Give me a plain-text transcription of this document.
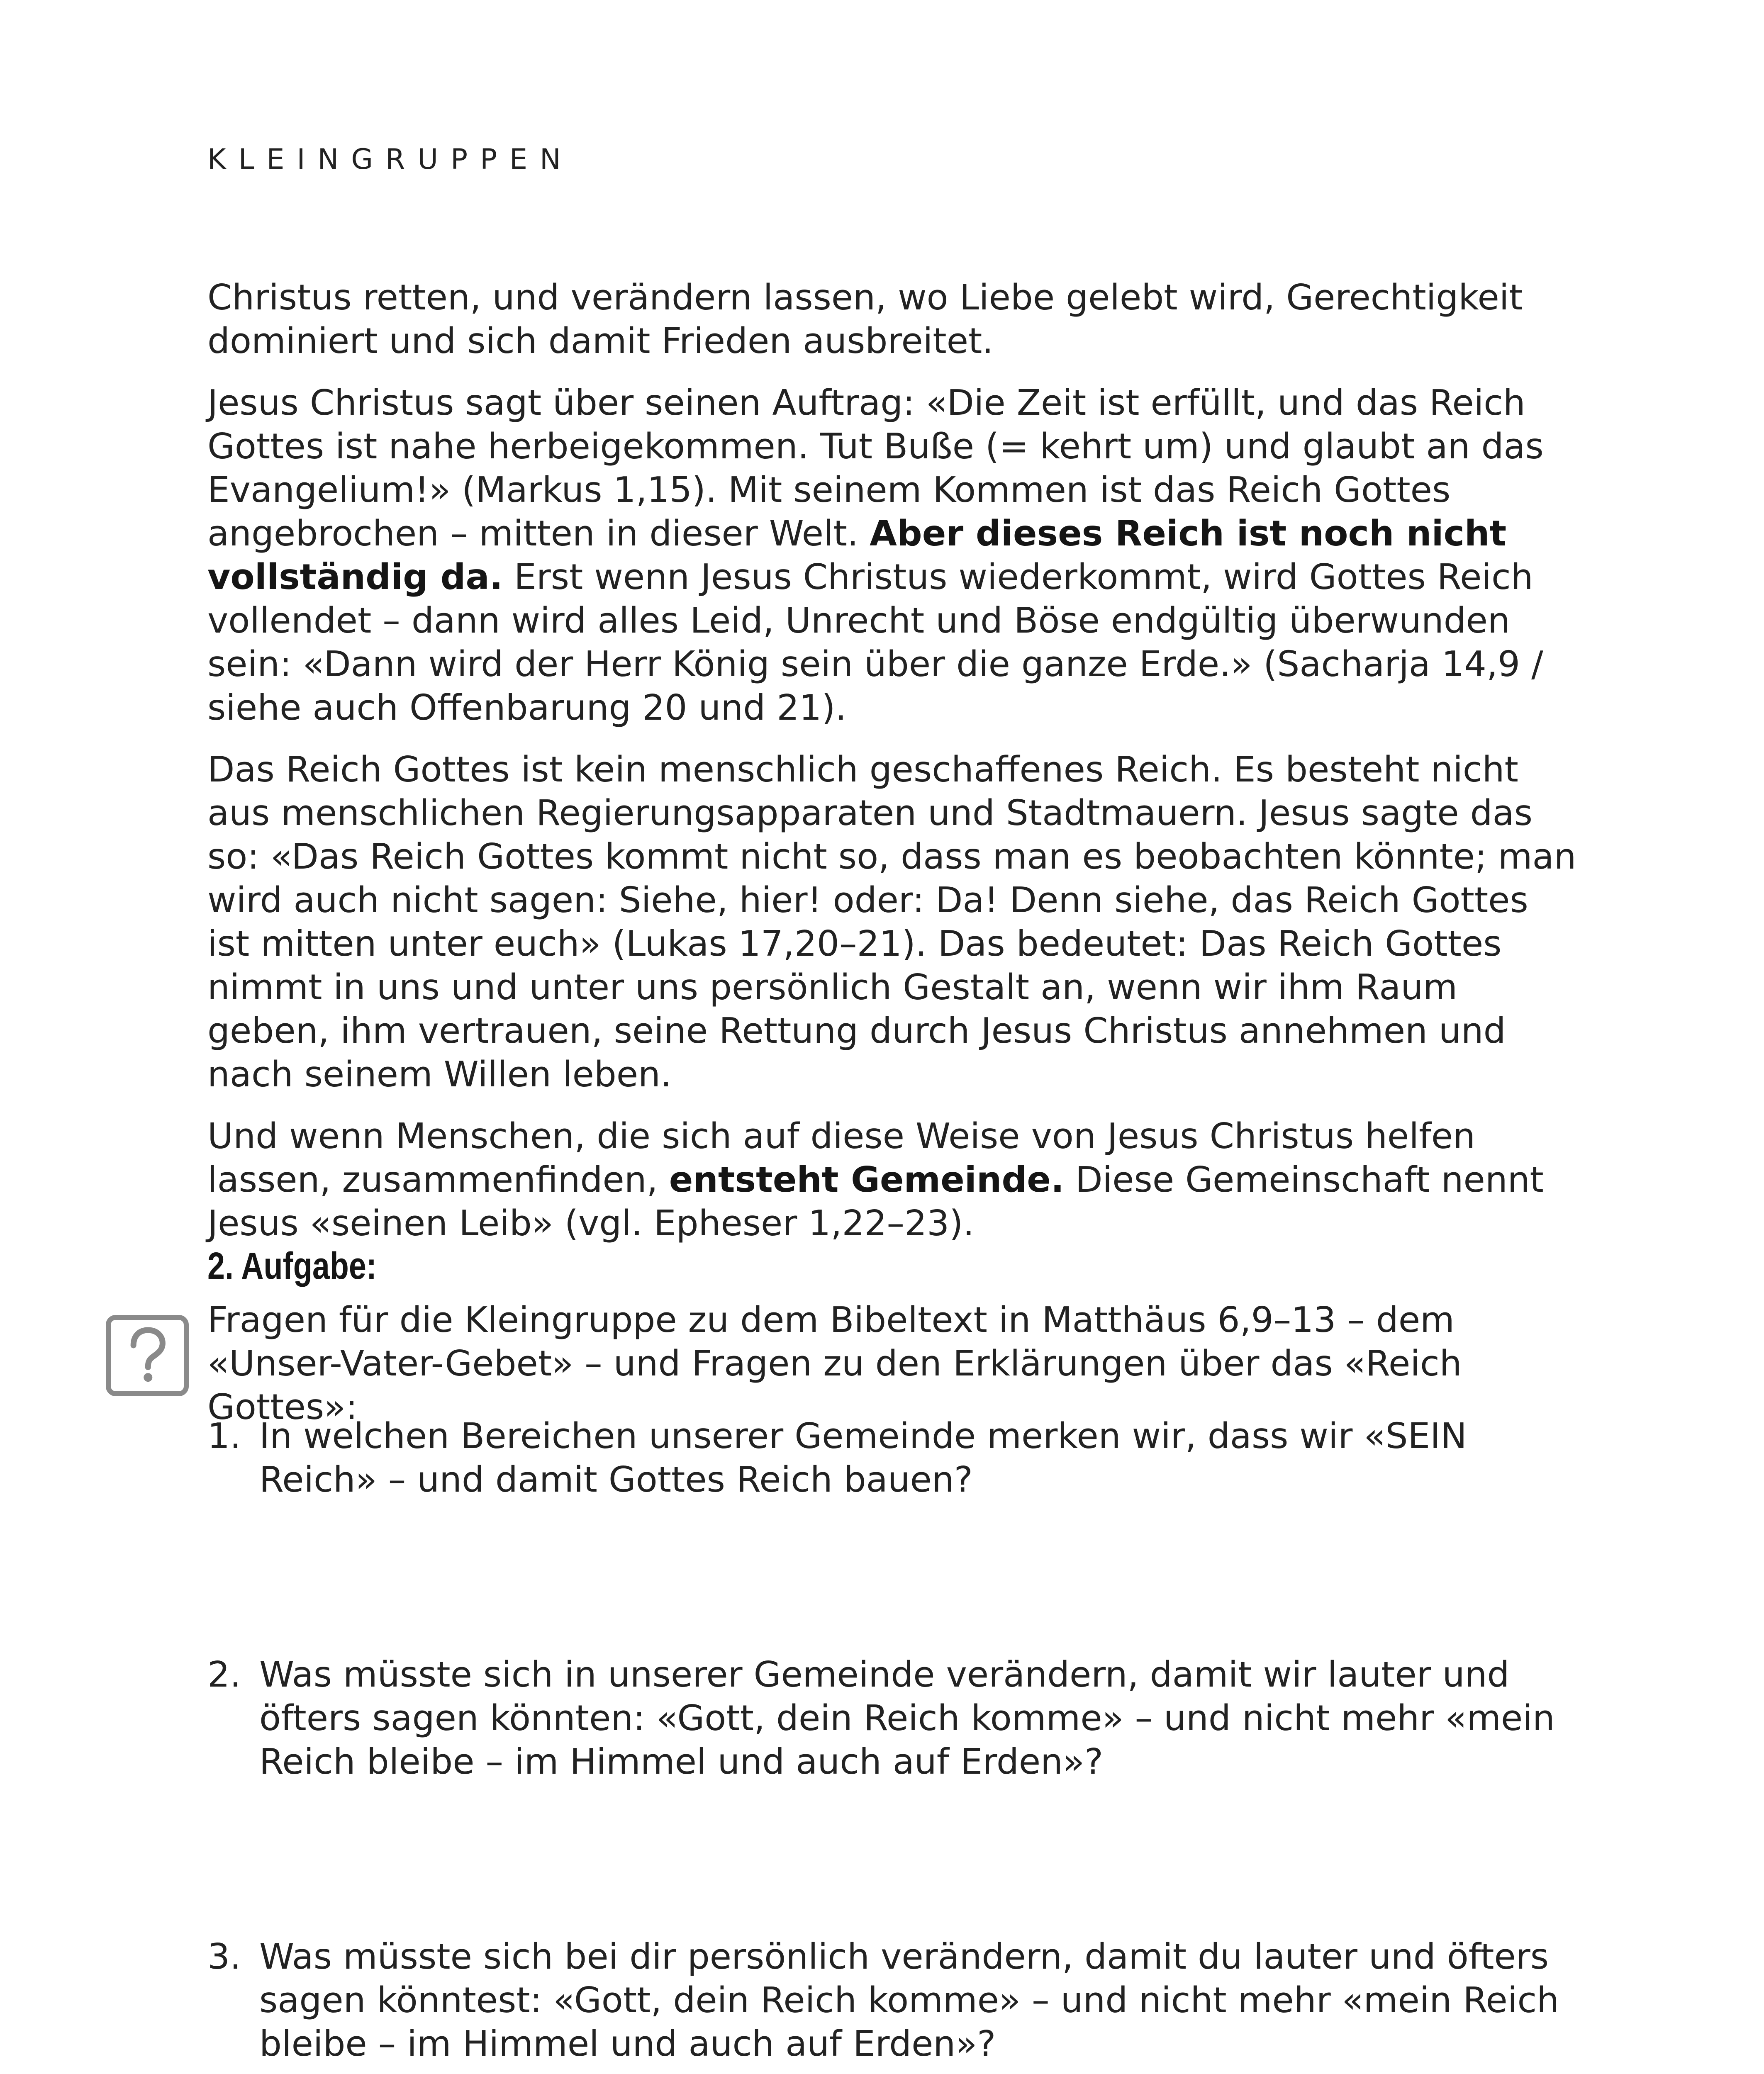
KLEINGRUPPEN

Christus retten, und verändern lassen, wo Liebe gelebt wird, Gerechtigkeit dominiert und sich damit Frieden ausbreitet.

Jesus Christus sagt über seinen Auftrag: «Die Zeit ist erfüllt, und das Reich Gottes ist nahe herbeigekommen. Tut Buße (= kehrt um) und glaubt an das Evangelium!» (Markus 1,15). Mit seinem Kommen ist das Reich Gottes angebrochen – mitten in dieser Welt. Aber dieses Reich ist noch nicht vollständig da. Erst wenn Jesus Christus wiederkommt, wird Gottes Reich vollendet – dann wird alles Leid, Unrecht und Böse endgültig überwunden sein: «Dann wird der Herr König sein über die ganze Erde.» (Sacharja 14,9 / siehe auch Offenbarung 20 und 21).

Das Reich Gottes ist kein menschlich geschaffenes Reich. Es besteht nicht aus menschlichen Regierungsapparaten und Stadtmauern. Jesus sagte das so: «Das Reich Gottes kommt nicht so, dass man es beobachten könnte; man wird auch nicht sagen: Siehe, hier! oder: Da! Denn siehe, das Reich Gottes ist mitten unter euch» (Lukas 17,20–21). Das bedeutet: Das Reich Gottes nimmt in uns und unter uns persönlich Gestalt an, wenn wir ihm Raum geben, ihm vertrauen, seine Rettung durch Jesus Christus annehmen und nach seinem Willen leben.

Und wenn Menschen, die sich auf diese Weise von Jesus Christus helfen lassen, zusammenfinden, entsteht Gemeinde. Diese Gemeinschaft nennt Jesus «seinen Leib» (vgl. Epheser 1,22–23).

2. Aufgabe:

Fragen für die Kleingruppe zu dem Bibeltext in Matthäus 6,9–13 – dem «Unser-Vater-Gebet» – und Fragen zu den Erklärungen über das «Reich Gottes»:

1. In welchen Bereichen unserer Gemeinde merken wir, dass wir «SEIN Reich» – und damit Gottes Reich bauen?
2. Was müsste sich in unserer Gemeinde verändern, damit wir lauter und öfters sagen könnten: «Gott, dein Reich komme» – und nicht mehr «mein Reich bleibe – im Himmel und auch auf Erden»?
3. Was müsste sich bei dir persönlich verändern, damit du lauter und öfters sagen könntest: «Gott, dein Reich komme» – und nicht mehr «mein Reich bleibe – im Himmel und auch auf Erden»?
